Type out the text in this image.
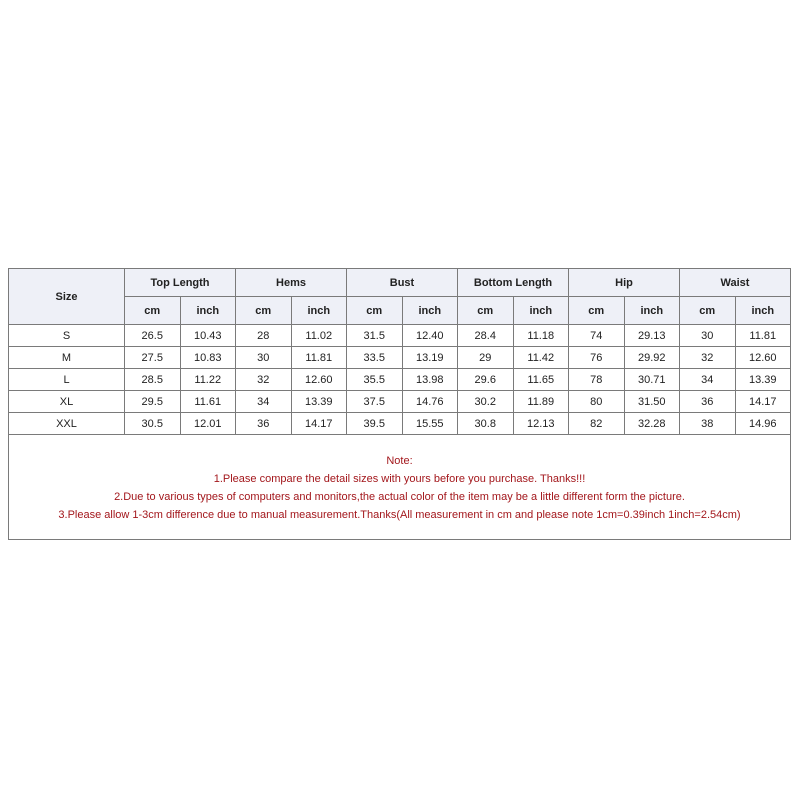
Size	Top Length		Hems		Bust		Bottom Length		Hip		Waist	
	cm	inch	cm	inch	cm	inch	cm	inch	cm	inch	cm	inch
S	26.5	10.43	28	11.02	31.5	12.40	28.4	11.18	74	29.13	30	11.81
M	27.5	10.83	30	11.81	33.5	13.19	29	11.42	76	29.92	32	12.60
L	28.5	11.22	32	12.60	35.5	13.98	29.6	11.65	78	30.71	34	13.39
XL	29.5	11.61	34	13.39	37.5	14.76	30.2	11.89	80	31.50	36	14.17
XXL	30.5	12.01	36	14.17	39.5	15.55	30.8	12.13	82	32.28	38	14.96

Note:
1.Please compare the detail sizes with yours before you purchase. Thanks!!!
2.Due to various types of computers and monitors,the actual color of the item may be a little different form the picture.
3.Please allow 1-3cm difference due to manual measurement.Thanks(All measurement in cm and please note 1cm=0.39inch 1inch=2.54cm)												
